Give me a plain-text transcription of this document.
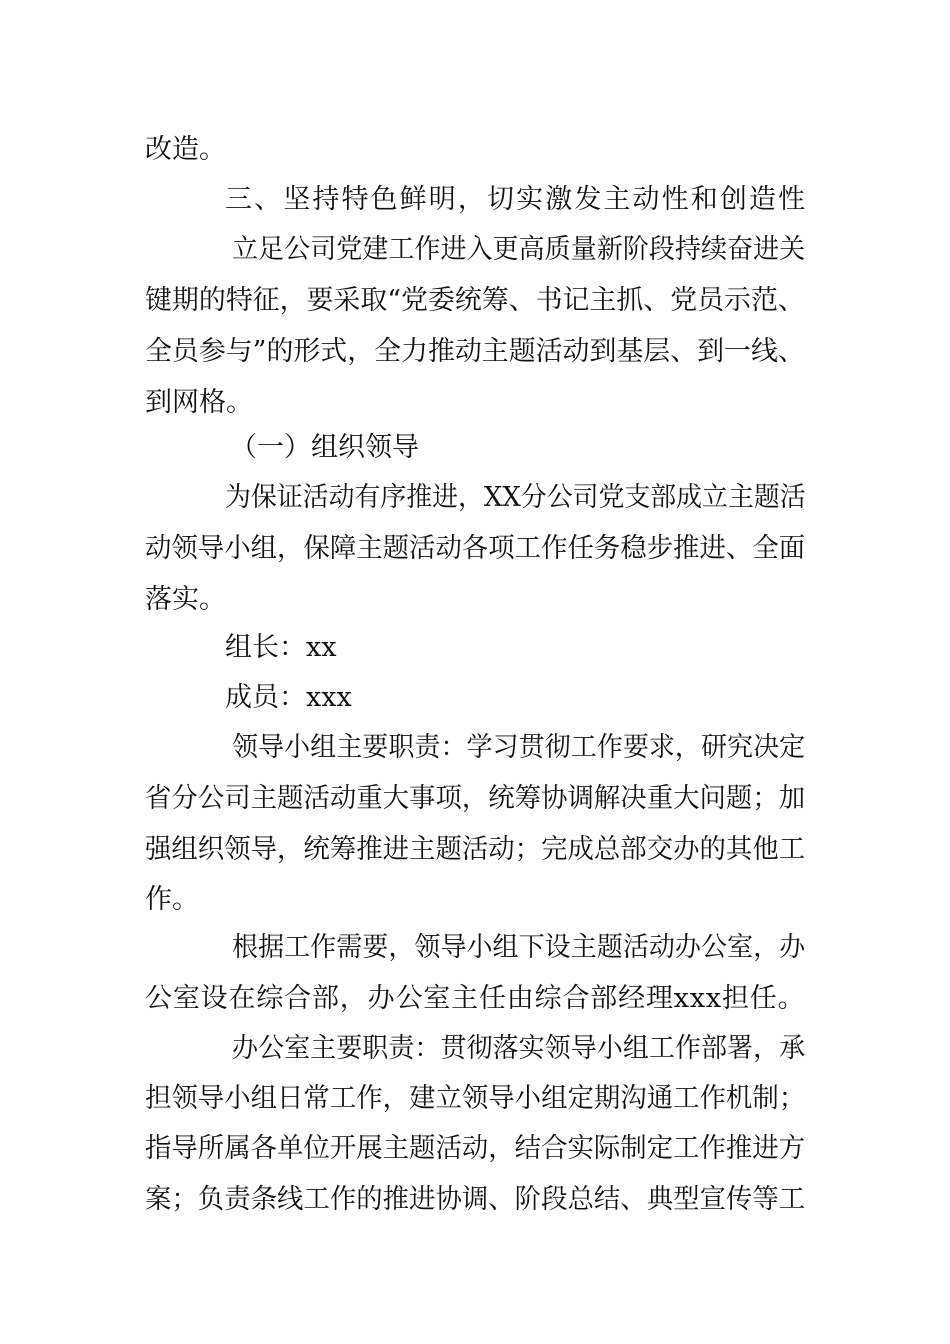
改造。
三、坚持特色鲜明，切实激发主动性和创造性
立足公司党建工作进入更高质量新阶段持续奋进关
键期的特征，要采取“党委统筹、书记主抓、党员示范、
全员参与”的形式，全力推动主题活动到基层、到一线、
到网格。
（一）组织领导
为保证活动有序推进，XX分公司党支部成立主题活
动领导小组，保障主题活动各项工作任务稳步推进、全面
落实。
组长：xx
成员：xxx
领导小组主要职责：学习贯彻工作要求，研究决定
省分公司主题活动重大事项，统筹协调解决重大问题；加
强组织领导，统筹推进主题活动；完成总部交办的其他工
作。
根据工作需要，领导小组下设主题活动办公室，办
公室设在综合部，办公室主任由综合部经理xxx担任。
办公室主要职责：贯彻落实领导小组工作部署，承
担领导小组日常工作，建立领导小组定期沟通工作机制；
指导所属各单位开展主题活动，结合实际制定工作推进方
案；负责条线工作的推进协调、阶段总结、典型宣传等工
